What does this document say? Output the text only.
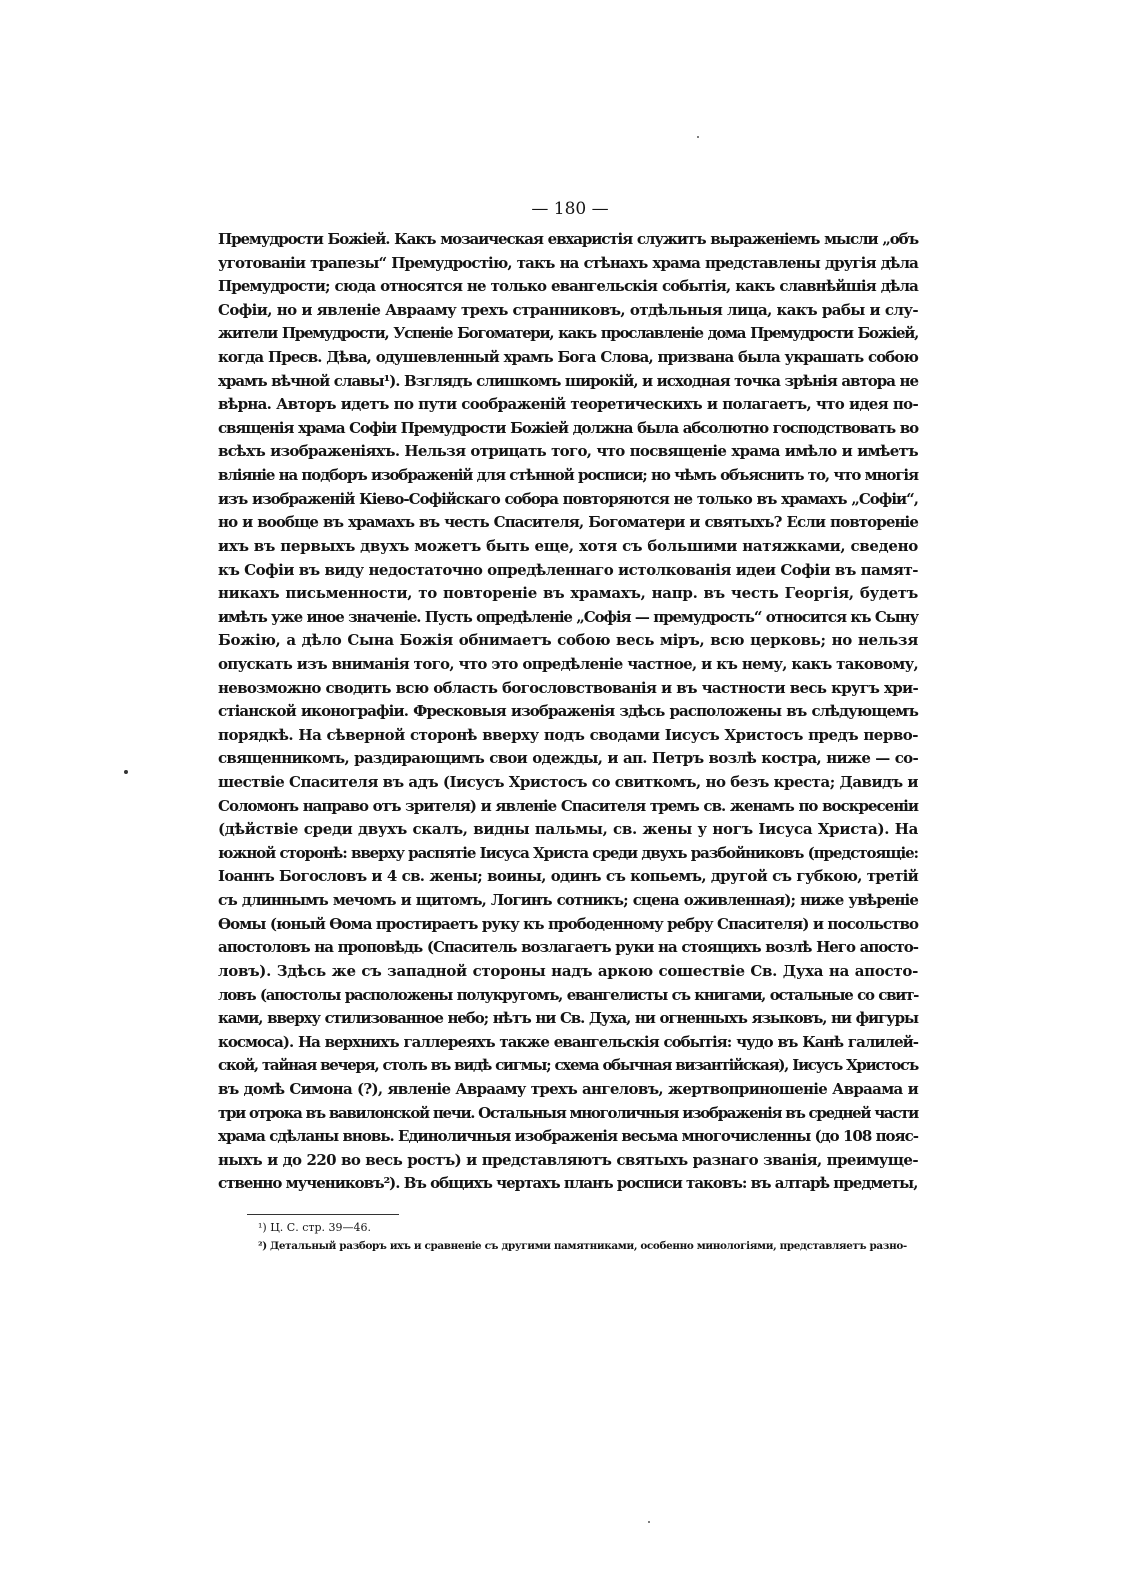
— 180 —
Премудрости Божiей. Какъ мозаическая евхаристiя служитъ выраженiемъ мысли „объ
уготованiи трапезы“ Премудростiю, такъ на стѣнахъ храма представлены другiя дѣла
Премудрости; сюда относятся не только евангельскiя событiя, какъ славнѣйшiя дѣла
Софiи, но и явленiе Аврааму трехъ странниковъ, отдѣльныя лица, какъ рабы и слу-
жители Премудрости, Успенiе Богоматери, какъ прославленiе дома Премудрости Божiей,
когда Пресв. Дѣва, одушевленный храмъ Бога Слова, призвана была украшать собою
храмъ вѣчной славы¹). Взглядъ слишкомъ широкiй, и исходная точка зрѣнiя автора не
вѣрна. Авторъ идетъ по пути соображенiй теоретическихъ и полагаетъ, что идея по-
священiя храма Софiи Премудрости Божiей должна была абсолютно господствовать во
всѣхъ изображенiяхъ. Нельзя отрицать того, что посвященiе храма имѣло и имѣетъ
влiянiе на подборъ изображенiй для стѣнной росписи; но чѣмъ объяснить то, что многiя
изъ изображенiй Кiево-Софiйскаго собора повторяются не только въ храмахъ „Софiи“,
но и вообще въ храмахъ въ честь Спасителя, Богоматери и святыхъ? Если повторенiе
ихъ въ первыхъ двухъ можетъ быть еще, хотя съ большими натяжками, сведено
къ Софiи въ виду недостаточно опредѣленнаго истолкованiя идеи Софiи въ памят-
никахъ письменности, то повторенiе въ храмахъ, напр. въ честь Георгiя, будетъ
имѣть уже иное значенiе. Пусть опредѣленiе „Софiя — премудрость“ относится къ Сыну
Божiю, а дѣло Сына Божiя обнимаетъ собою весь мiръ, всю церковь; но нельзя
опускать изъ вниманiя того, что это опредѣленiе частное, и къ нему, какъ таковому,
невозможно сводить всю область богословствованiя и въ частности весь кругъ хри-
стiанской иконографiи. Фресковыя изображенiя здѣсь расположены въ слѣдующемъ
порядкѣ. На сѣверной сторонѣ вверху подъ сводами Iисусъ Христосъ предъ перво-
священникомъ, раздирающимъ свои одежды, и ап. Петръ возлѣ костра, ниже — со-
шествiе Спасителя въ адъ (Iисусъ Христосъ со свиткомъ, но безъ креста; Давидъ и
Соломонъ направо отъ зрителя) и явленiе Спасителя тремъ св. женамъ по воскресенiи
(дѣйствiе среди двухъ скалъ, видны пальмы, св. жены у ногъ Iисуса Христа). На
южной сторонѣ: вверху распятiе Iисуса Христа среди двухъ разбойниковъ (предстоящiе:
Iоаннъ Богословъ и 4 св. жены; воины, одинъ съ копьемъ, другой съ губкою, третiй
съ длиннымъ мечомъ и щитомъ, Логинъ сотникъ; сцена оживленная); ниже увѣренiе
Өомы (юный Өома простираетъ руку къ прободенному ребру Спасителя) и посольство
апостоловъ на проповѣдь (Спаситель возлагаетъ руки на стоящихъ возлѣ Него апосто-
ловъ). Здѣсь же съ западной стороны надъ аркою сошествiе Св. Духа на апосто-
ловъ (апостолы расположены полукругомъ, евангелисты съ книгами, остальные со свит-
ками, вверху стилизованное небо; нѣтъ ни Св. Духа, ни огненныхъ языковъ, ни фигуры
космоса). На верхнихъ галлереяхъ также евангельскiя событiя: чудо въ Канѣ галилей-
ской, тайная вечеря, столъ въ видѣ сигмы; схема обычная византiйская), Iисусъ Христосъ
въ домѣ Симона (?), явленiе Аврааму трехъ ангеловъ, жертвоприношенiе Авраама и
три отрока въ вавилонской печи. Остальныя многоличныя изображенiя въ средней части
храма сдѣланы вновь. Единоличныя изображенiя весьма многочисленны (до 108 пояс-
ныхъ и до 220 во весь ростъ) и представляютъ святыхъ разнаго званiя, преимуще-
ственно мучениковъ²). Въ общихъ чертахъ планъ росписи таковъ: въ алтарѣ предметы,
¹) Ц. С. стр. 39—46.
²) Детальный разборъ ихъ и сравненiе съ другими памятниками, особенно минологiями, представляетъ разно-
